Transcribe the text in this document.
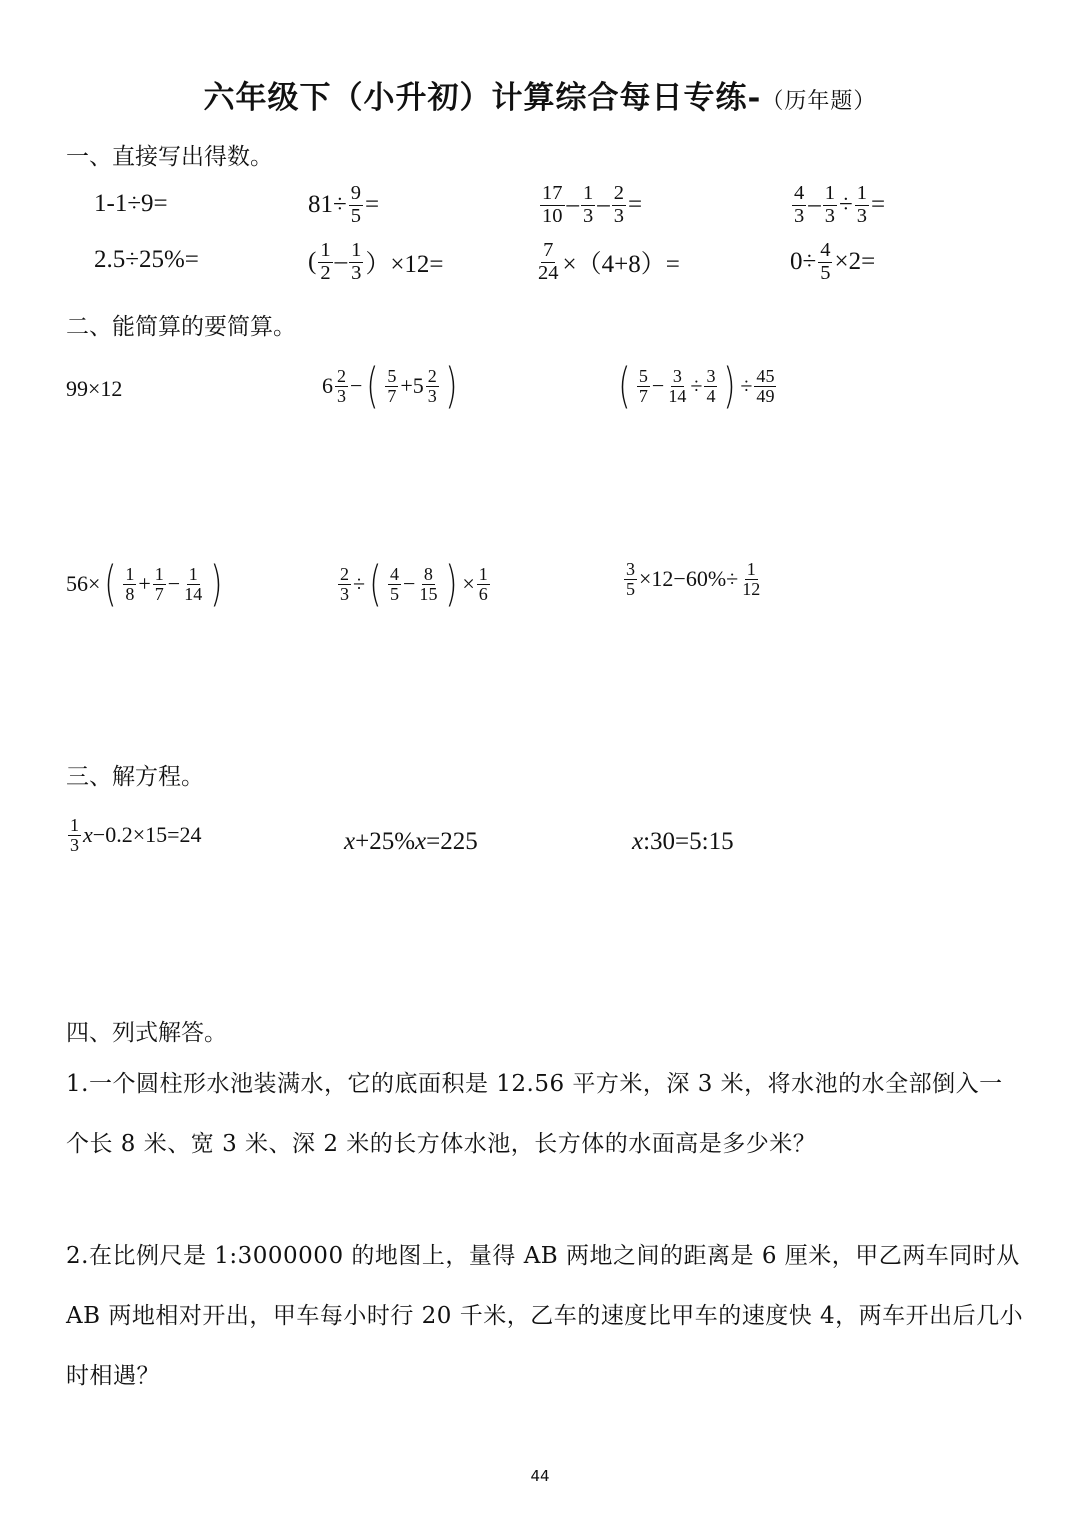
六年级下（小升初）计算综合每日专练-（历年题）
一、直接写出得数。
1-1÷9=	$81\div \frac{9}{5}$ =	$\frac{17}{10} - \frac{1}{3} - \frac{2}{3}$ =	$\frac{4}{3} - \frac{1}{3} \div \frac{1}{3}$ =
2.5÷25%=	( $\frac{1}{2} - \frac{1}{3} )\times 12=$	$\frac{7}{24} \times(4+8)=$	$0\div \frac{4}{5} \times 2=$
二、能简算的要简算。
99×12	$6 \frac{2}{3}$ − ( $\frac{5}{7} +5 \frac{2}{3}$ )	( $\frac{5}{7} - \frac{3}{14} \div \frac{3}{4}$ ) ÷ $\frac{45}{49}$
56× ( $\frac{1}{8} + \frac{1}{7} - \frac{1}{14}$ )	$\frac{2}{3}$ ÷ ( $\frac{4}{5} - \frac{8}{15}$ ) × $\frac{1}{6}$	$\frac{3}{5} \times 12-60\%\div \frac{1}{12}$
三、解方程。
$\frac{1}{3}$ x −0.2×15=24	x +25% x =225	x :30=5:15
四、列式解答。
1.一个圆柱形水池装满水，它的底面积是 12.56 平方米，深 3 米，将水池的水全部倒入一个长 8 米、宽 3 米、深 2 米的长方体水池，长方体的水面高是多少米？
2.在比例尺是 1:3000000 的地图上，量得 AB 两地之间的距离是 6 厘米，甲乙两车同时从 AB 两地相对开出，甲车每小时行 20 千米，乙车的速度比甲车的速度快 4，两车开出后几小时相遇？
44
